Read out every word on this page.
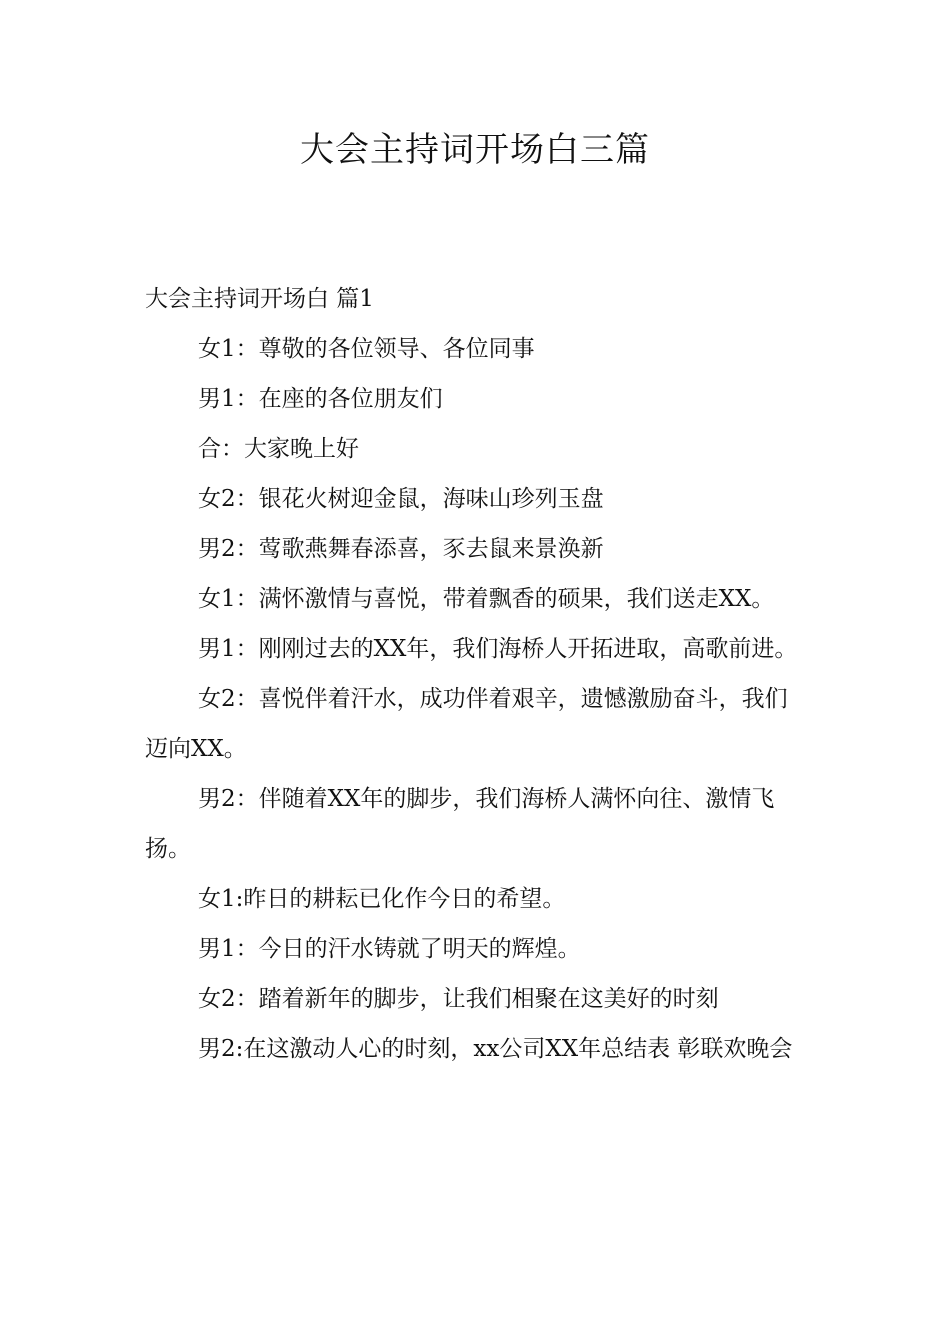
大会主持词开场白三篇

大会主持词开场白 篇1

女1：尊敬的各位领导、各位同事

男1：在座的各位朋友们

合：大家晚上好

女2：银花火树迎金鼠，海味山珍列玉盘

男2：莺歌燕舞春添喜，豕去鼠来景涣新

女1：满怀激情与喜悦，带着飘香的硕果，我们送走XX。

男1：刚刚过去的XX年，我们海桥人开拓进取，高歌前进。

女2：喜悦伴着汗水，成功伴着艰辛，遗憾激励奋斗，我们迈向XX。

男2：伴随着XX年的脚步，我们海桥人满怀向往、激情飞扬。

女1:昨日的耕耘已化作今日的希望。

男1：今日的汗水铸就了明天的辉煌。

女2：踏着新年的脚步，让我们相聚在这美好的时刻

男2:在这激动人心的时刻，xx公司XX年总结表 彰联欢晚会
